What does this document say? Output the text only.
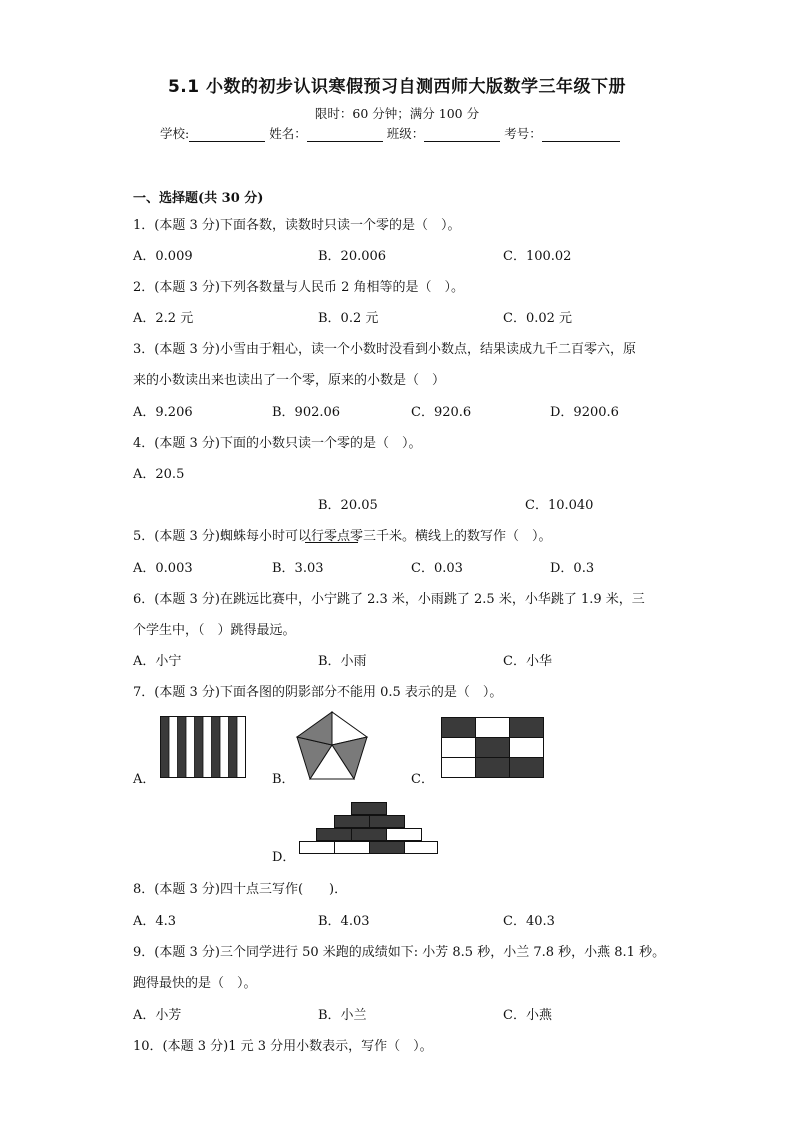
5.1 小数的初步认识寒假预习自测西师大版数学三年级下册
限时：60 分钟；满分 100 分
学校:	姓名：	班级：	考号：
一、选择题(共 30 分)
1．(本题 3 分)下面各数，读数时只读一个零的是（　）。
A．0.009	B．20.006	C．100.02
2．(本题 3 分)下列各数量与人民币 2 角相等的是（　）。
A．2.2 元	B．0.2 元	C．0.02 元
3．(本题 3 分)小雪由于粗心，读一个小数时没看到小数点，结果读成九千二百零六，原
来的小数读出来也读出了一个零，原来的小数是（　）
A．9.206	B．902.06	C．920.6	D．9200.6
4．(本题 3 分)下面的小数只读一个零的是（　）。
A．20.5
B．20.05	C．10.040
5．(本题 3 分)蜘蛛每小时可以行零点零三千米。横线上的数写作（　）。
A．0.003	B．3.03	C．0.03	D．0.3
6．(本题 3 分)在跳远比赛中，小宁跳了 2.3 米，小雨跳了 2.5 米，小华跳了 1.9 米，三
个学生中，（　）跳得最远。
A．小宁	B．小雨	C．小华
7．(本题 3 分)下面各图的阴影部分不能用 0.5 表示的是（　）。
A．	B．	C．
D．
8．(本题 3 分)四十点三写作(　　)．
A．4.3	B．4.03	C．40.3
9．(本题 3 分)三个同学进行 50 米跑的成绩如下: 小芳 8.5 秒，小兰 7.8 秒，小燕 8.1 秒。
跑得最快的是（　）。
A．小芳	B．小兰	C．小燕
10．(本题 3 分)1 元 3 分用小数表示，写作（　）。
